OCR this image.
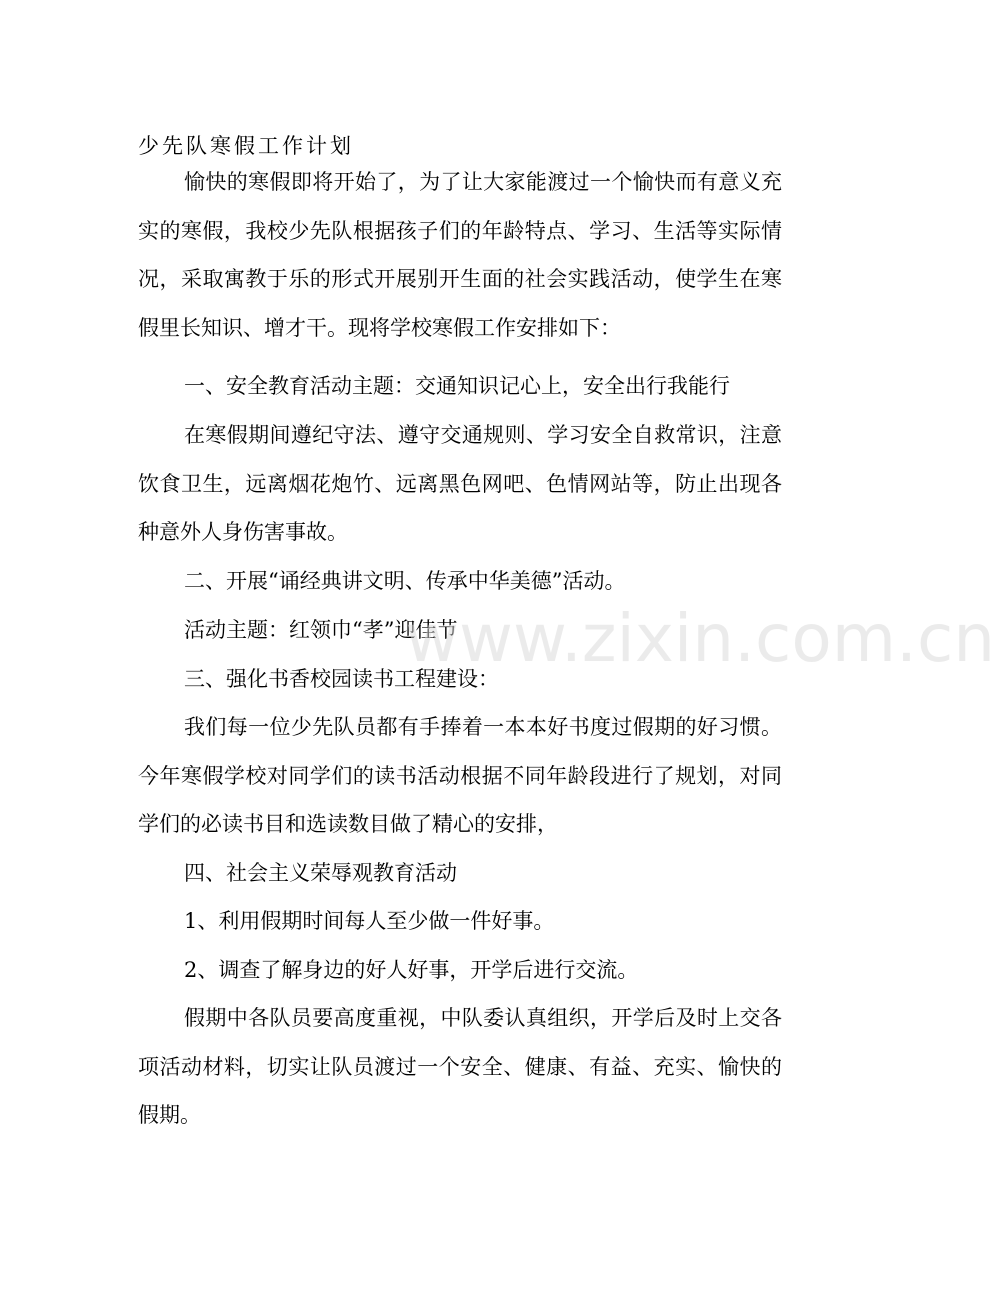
少先队寒假工作计划

愉快的寒假即将开始了，为了让大家能渡过一个愉快而有意义充实的寒假，我校少先队根据孩子们的年龄特点、学习、生活等实际情况，采取寓教于乐的形式开展别开生面的社会实践活动，使学生在寒假里长知识、增才干。现将学校寒假工作安排如下：

一、安全教育活动主题：交通知识记心上，安全出行我能行

在寒假期间遵纪守法、遵守交通规则、学习安全自救常识，注意饮食卫生，远离烟花炮竹、远离黑色网吧、色情网站等，防止出现各种意外人身伤害事故。

二、开展“诵经典讲文明、传承中华美德”活动。

活动主题：红领巾“孝”迎佳节

三、强化书香校园读书工程建设：

我们每一位少先队员都有手捧着一本本好书度过假期的好习惯。今年寒假学校对同学们的读书活动根据不同年龄段进行了规划，对同学们的必读书目和选读数目做了精心的安排，

四、社会主义荣辱观教育活动

1、利用假期时间每人至少做一件好事。

2、调查了解身边的好人好事，开学后进行交流。

假期中各队员要高度重视，中队委认真组织，开学后及时上交各项活动材料，切实让队员渡过一个安全、健康、有益、充实、愉快的假期。

www.zixin.com.cn
